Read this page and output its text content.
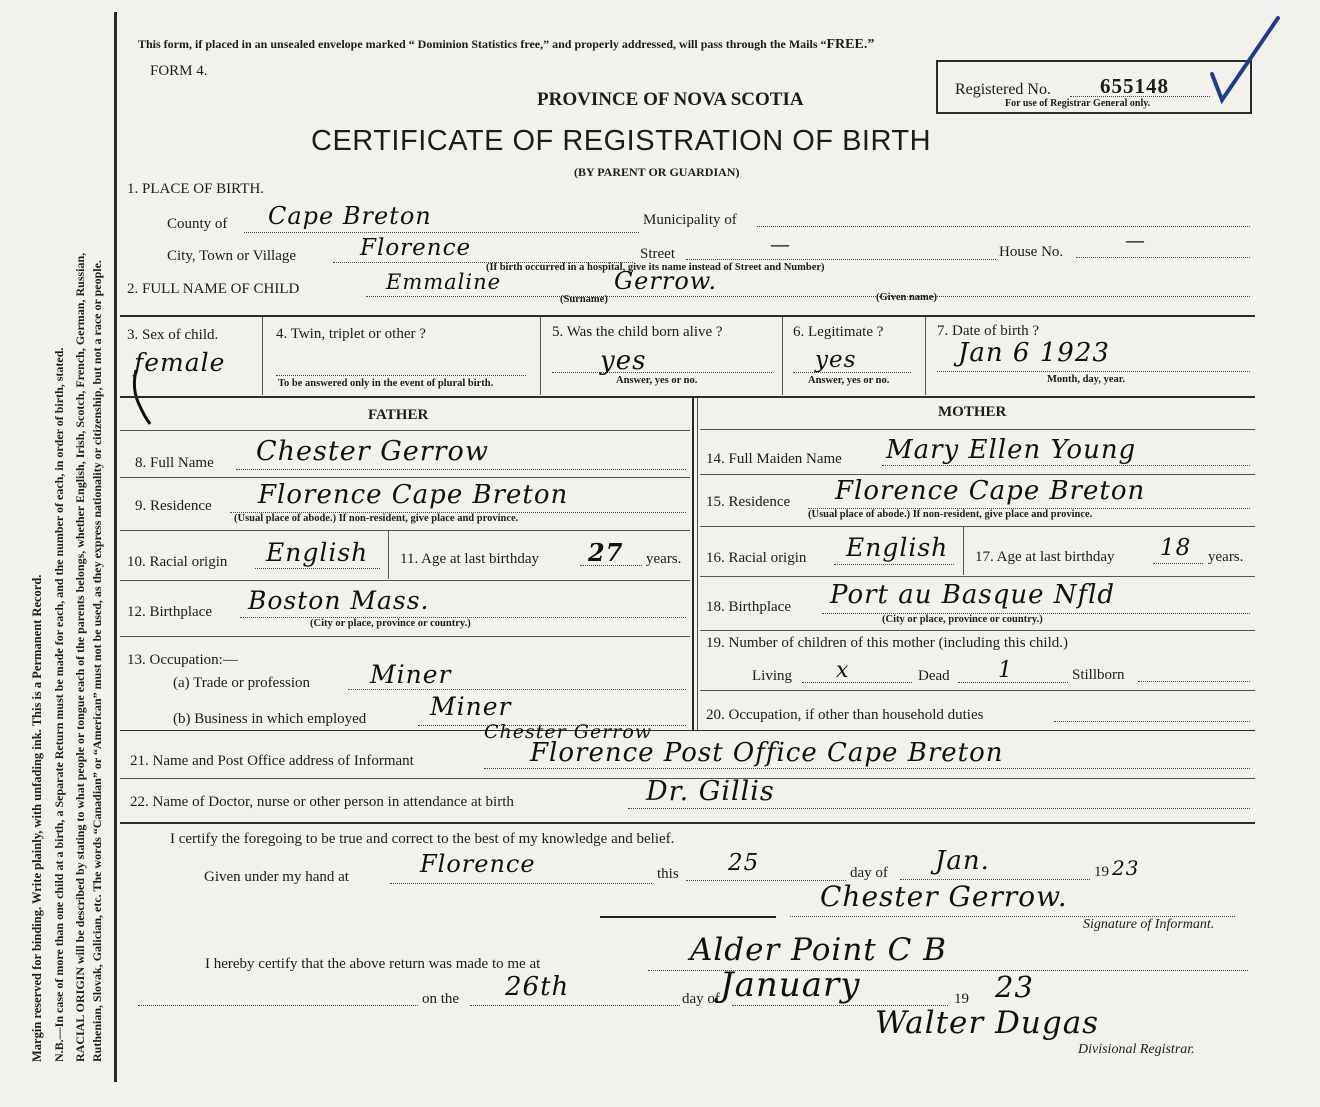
Margin reserved for binding. Write plainly, with unfading ink. This is a Permanent Record. N.B.—In case of more than one child at a birth, a Separate Return must be made for each, and the number of each, in order of birth, stated. RACIAL ORIGIN will be described by stating to what people or tongue each of the parents belongs, whether English, Irish, Scotch, French, German, Russian, Ruthenian, Slovak, Galician, etc. The words “Canadian” or “American” must not be used, as they express nationality or citizenship, but not a race or people.
This form, if placed in an unsealed envelope marked “ Dominion Statistics free,” and properly addressed, will pass through the Mails “FREE.”
FORM 4.
PROVINCE OF NOVA SCOTIA
CERTIFICATE OF REGISTRATION OF BIRTH
(BY PARENT OR GUARDIAN)
Registered No. 655148
For use of Registrar General only.
1. PLACE OF BIRTH.
County of Cape Breton	Municipality of
City, Town or Village	Florence	Street	—	House No.	—
(If birth occurred in a hospital, give its name instead of Street and Number)
2. FULL NAME OF CHILD	Emmaline	Gerrow.
(Surname)	(Given name)
3. Sex of child.
female
4. Twin, triplet or other ?
To be answered only in the event of plural birth.
5. Was the child born alive ?
yes
Answer, yes or no.
6. Legitimate ?
yes
Answer, yes or no.
7. Date of birth ?
Jan 6 1923
Month, day, year.
FATHER	MOTHER
8. Full Name Chester Gerrow
9. Residence Florence Cape Breton
(Usual place of abode.) If non-resident, give place and province.
10. Racial origin English 11. Age at last birthday 27 years.
12. Birthplace Boston Mass.
(City or place, province or country.)
13. Occupation:—
(a) Trade or profession Miner
(b) Business in which employed	Miner
14. Full Maiden Name Mary Ellen Young
15. Residence Florence Cape Breton
(Usual place of abode.) If non-resident, give place and province.
16. Racial origin English 17. Age at last birthday 18 years.
18. Birthplace Port au Basque Nfld
(City or place, province or country.)
19. Number of children of this mother (including this child.)
Living x	Dead 1	Stillborn
20. Occupation, if other than household duties
21. Name and Post Office address of Informant
Chester Gerrow
Florence Post Office Cape Breton
22. Name of Doctor, nurse or other person in attendance at birth	Dr. Gillis
I certify the foregoing to be true and correct to the best of my knowledge and belief.
Given under my hand at	Florence	this 25	day of Jan.	19 23
Chester Gerrow.
Signature of Informant.
I hereby certify that the above return was made to me at	Alder Point C B
on the 26th	day of January	19 23
Walter Dugas
Divisional Registrar.
